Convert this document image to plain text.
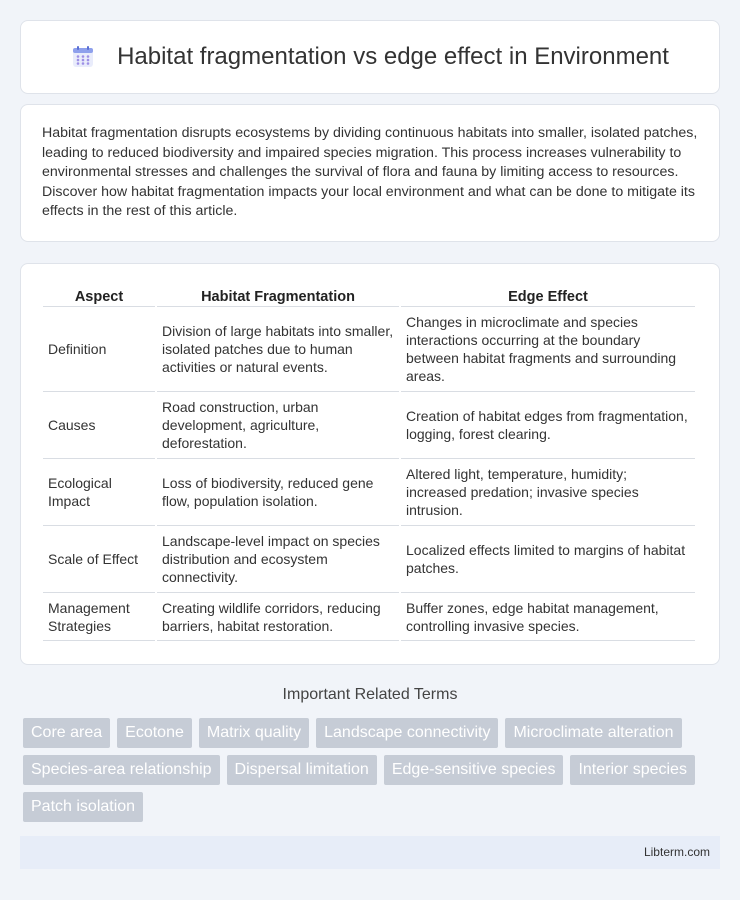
Habitat fragmentation vs edge effect in Environment

Habitat fragmentation disrupts ecosystems by dividing continuous habitats into smaller, isolated patches, leading to reduced biodiversity and impaired species migration. This process increases vulnerability to environmental stresses and challenges the survival of flora and fauna by limiting access to resources. Discover how habitat fragmentation impacts your local environment and what can be done to mitigate its effects in the rest of this article.

Aspect	Habitat Fragmentation	Edge Effect
Definition	Division of large habitats into smaller, isolated patches due to human activities or natural events.	Changes in microclimate and species interactions occurring at the boundary between habitat fragments and surrounding areas.
Causes	Road construction, urban development, agriculture, deforestation.	Creation of habitat edges from fragmentation, logging, forest clearing.
Ecological Impact	Loss of biodiversity, reduced gene flow, population isolation.	Altered light, temperature, humidity; increased predation; invasive species intrusion.
Scale of Effect	Landscape-level impact on species distribution and ecosystem connectivity.	Localized effects limited to margins of habitat patches.
Management Strategies	Creating wildlife corridors, reducing barriers, habitat restoration.	Buffer zones, edge habitat management, controlling invasive species.
Important Related Terms
Core area	Ecotone	Matrix quality	Landscape connectivity	Microclimate alteration
Species-area relationship	Dispersal limitation	Edge-sensitive species	Interior species
Patch isolation
Libterm.com
